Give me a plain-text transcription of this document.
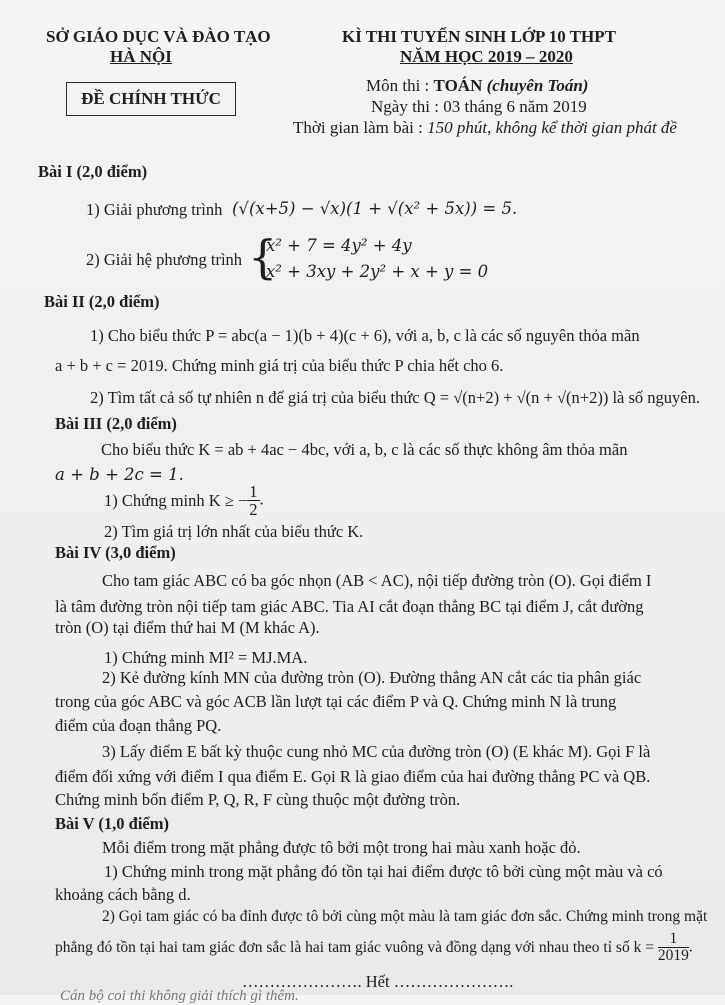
SỞ GIÁO DỤC VÀ ĐÀO TẠO
HÀ NỘI
ĐỀ CHÍNH THỨC
KÌ THI TUYỂN SINH LỚP 10 THPT
NĂM HỌC 2019 – 2020
Môn thi : TOÁN (chuyên Toán)
Ngày thi : 03 tháng 6 năm 2019
Thời gian làm bài : 150 phút, không kể thời gian phát đề
Bài I (2,0 điểm)
1) Giải phương trình (√(x+5) − √x)(1 + √(x² + 5x)) = 5.
2) Giải hệ phương trình {
x² + 7 = 4y² + 4y
x² + 3xy + 2y² + x + y = 0
Bài II (2,0 điểm)
1) Cho biểu thức P = abc(a − 1)(b + 4)(c + 6), với a, b, c là các số nguyên thỏa mãn
a + b + c = 2019. Chứng minh giá trị của biểu thức P chia hết cho 6.
2) Tìm tất cả số tự nhiên n để giá trị của biểu thức Q = √(n+2) + √(n + √(n+2)) là số nguyên.
Bài III (2,0 điểm)
Cho biểu thức K = ab + 4ac − 4bc, với a, b, c là các số thực không âm thỏa mãn
a + b + 2c = 1.
1) Chứng minh K ≥ − $\frac{1}{2}$ .
2) Tìm giá trị lớn nhất của biểu thức K.
Bài IV (3,0 điểm)
Cho tam giác ABC có ba góc nhọn (AB < AC), nội tiếp đường tròn (O). Gọi điểm I
là tâm đường tròn nội tiếp tam giác ABC. Tia AI cắt đoạn thẳng BC tại điểm J, cắt đường
tròn (O) tại điểm thứ hai M (M khác A).
1) Chứng minh MI² = MJ.MA.
2) Kẻ đường kính MN của đường tròn (O). Đường thẳng AN cắt các tia phân giác
trong của góc ABC và góc ACB lần lượt tại các điểm P và Q. Chứng minh N là trung
điểm của đoạn thẳng PQ.
3) Lấy điểm E bất kỳ thuộc cung nhỏ MC của đường tròn (O) (E khác M). Gọi F là
điểm đối xứng với điểm I qua điểm E. Gọi R là giao điểm của hai đường thẳng PC và QB.
Chứng minh bốn điểm P, Q, R, F cùng thuộc một đường tròn.
Bài V (1,0 điểm)
Mỗi điểm trong mặt phẳng được tô bởi một trong hai màu xanh hoặc đỏ.
1) Chứng minh trong mặt phẳng đó tồn tại hai điểm được tô bởi cùng một màu và có
khoảng cách bằng d.
2) Gọi tam giác có ba đỉnh được tô bởi cùng một màu là tam giác đơn sắc. Chứng minh trong mặt
phẳng đó tồn tại hai tam giác đơn sắc là hai tam giác vuông và đồng dạng với nhau theo tỉ số $k = \frac{1}{2019}$ .
…………………. Hết ………………….
Cán bộ coi thi không giải thích gì thêm.
